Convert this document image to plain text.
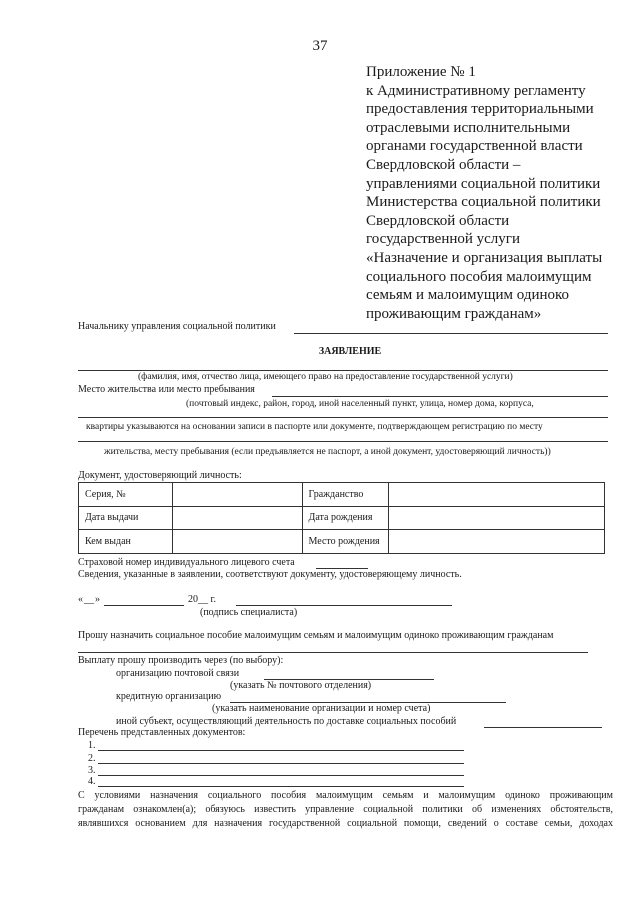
37
Приложение № 1
к Административному регламенту
предоставления территориальными
отраслевыми исполнительными
органами государственной власти
Свердловской области –
управлениями социальной политики
Министерства социальной политики
Свердловской области
государственной услуги
«Назначение и организация выплаты
социального пособия малоимущим
семьям и малоимущим одиноко
проживающим гражданам»
Начальнику управления социальной политики
ЗАЯВЛЕНИЕ
(фамилия, имя, отчество лица, имеющего право на предоставление государственной услуги)
Место жительства или место пребывания
(почтовый индекс, район, город, иной населенный пункт, улица, номер дома, корпуса,
квартиры указываются на основании записи в паспорте или документе, подтверждающем регистрацию по месту
жительства, месту пребывания (если предъявляется не паспорт, а иной документ, удостоверяющий личность))
Документ, удостоверяющий личность:
Серия, №		Гражданство	
Дата выдачи		Дата рождения	
Кем выдан		Место рождения	
Страховой номер индивидуального лицевого счета
Сведения, указанные в заявлении, соответствуют документу, удостоверяющему личность.
« __ »	20__ г.
(подпись специалиста)
Прошу назначить социальное пособие малоимущим семьям и малоимущим одиноко проживающим гражданам
Выплату прошу производить через (по выбору):
организацию почтовой связи
(указать № почтового отделения)
кредитную организацию
(указать наименование организации и номер счета)
иной субъект, осуществляющий деятельность по доставке социальных пособий
Перечень представленных документов:
1.
2.
3.
4.
С условиями назначения социального пособия малоимущим семьям и малоимущим одиноко проживающим
гражданам ознакомлен(а); обязуюсь известить управление социальной политики об изменениях обстоятельств,
являвшихся основанием для назначения государственной социальной помощи, сведений о составе семьи, доходах
